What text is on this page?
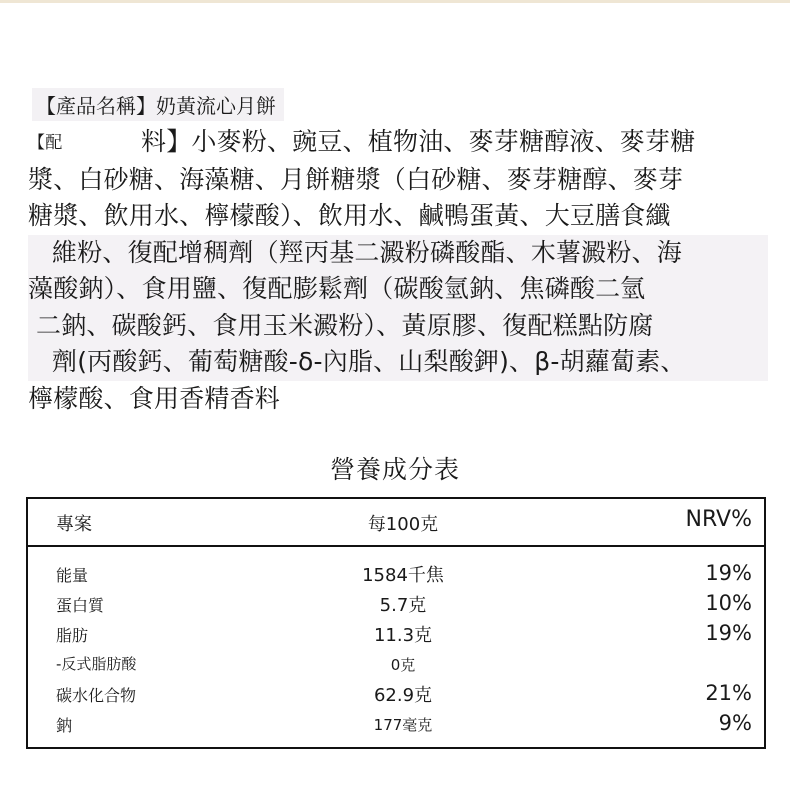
【產品名稱】奶黃流心月餅
【配	料】小麥粉、豌豆、植物油、麥芽糖醇液、麥芽糖
漿、白砂糖、海藻糖、月餅糖漿（白砂糖、麥芽糖醇、麥芽
糖漿、飲用水、檸檬酸）、飲用水、鹹鴨蛋黃、大豆膳食纖
維粉、復配增稠劑（羥丙基二澱粉磷酸酯、木薯澱粉、海
藻酸鈉）、食用鹽、復配膨鬆劑（碳酸氫鈉、焦磷酸二氫
二鈉、碳酸鈣、食用玉米澱粉）、黃原膠、復配糕點防腐
劑(丙酸鈣、葡萄糖酸-δ-內脂、山梨酸鉀)、β-胡蘿蔔素、
檸檬酸、食用香精香料
營養成分表
專案	每100克	NRV%
能量	1584千焦	19%
蛋白質	5.7克	10%
脂肪	11.3克	19%
-反式脂肪酸	0克
碳水化合物	62.9克	21%
鈉	177毫克	9%
